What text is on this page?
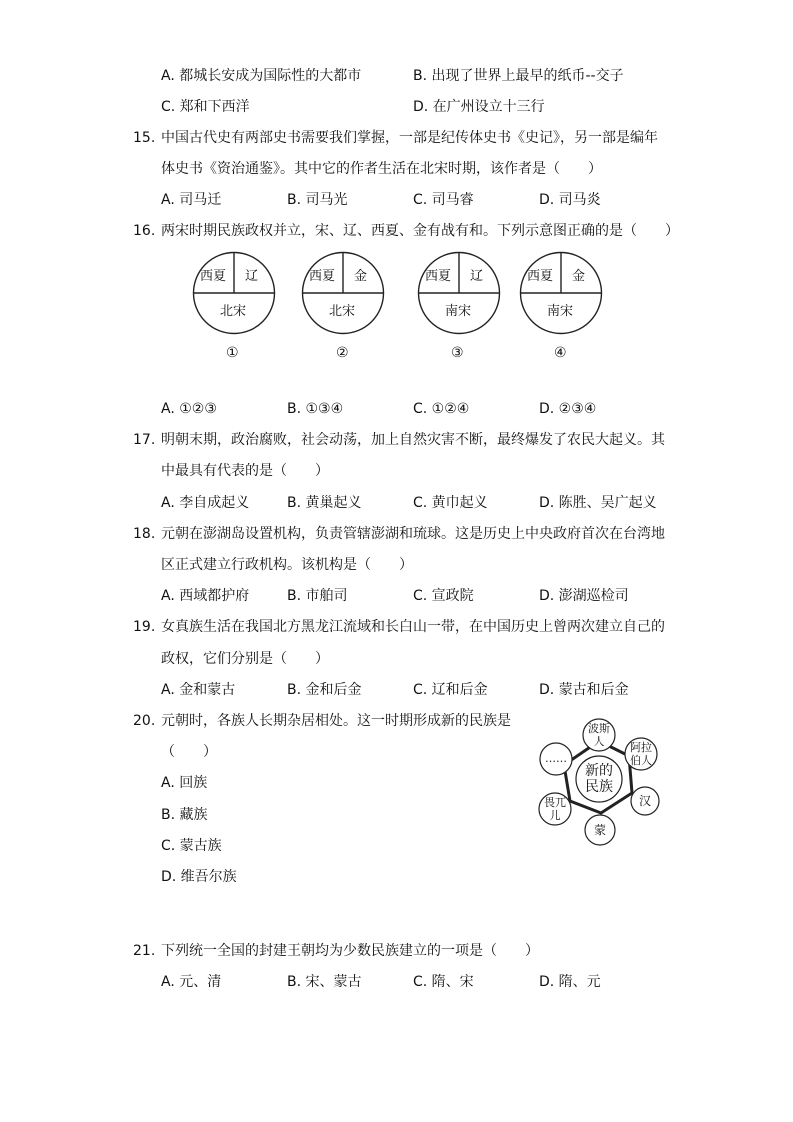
A. 都城长安成为国际性的大都市	B. 出现了世界上最早的纸币--交子
C. 郑和下西洋	D. 在广州设立十三行
15. 中国古代史有两部史书需要我们掌握，一部是纪传体史书《史记》，另一部是编年
体史书《资治通鉴》。其中它的作者生活在北宋时期，该作者是（　　）
A. 司马迁	B. 司马光	C. 司马睿	D. 司马炎
16. 两宋时期民族政权并立，宋、辽、西夏、金有战有和。下列示意图正确的是（　　）
西夏 辽
北宋
①
西夏 金
北宋
②
西夏 辽
南宋
③
西夏 金
南宋
④
A. ①②③	B. ①③④	C. ①②④	D. ②③④
17. 明朝末期，政治腐败，社会动荡，加上自然灾害不断，最终爆发了农民大起义。其
中最具有代表的是（　　）
A. 李自成起义	B. 黄巢起义	C. 黄巾起义	D. 陈胜、吴广起义
18. 元朝在澎湖岛设置机构，负责管辖澎湖和琉球。这是历史上中央政府首次在台湾地
区正式建立行政机构。该机构是（　　）
A. 西域都护府	B. 市舶司	C. 宣政院	D. 澎湖巡检司
19. 女真族生活在我国北方黑龙江流域和长白山一带，在中国历史上曾两次建立自己的
政权，它们分别是（　　）
A. 金和蒙古	B. 金和后金	C. 辽和后金	D. 蒙古和后金
20. 元朝时，各族人长期杂居相处。这一时期形成新的民族是
（　　）
A. 回族
B. 藏族
C. 蒙古族
D. 维吾尔族
新的
民族
波斯
人	阿拉
伯人
汉
蒙
畏兀
儿
……
21. 下列统一全国的封建王朝均为少数民族建立的一项是（　　）
A. 元、清	B. 宋、蒙古	C. 隋、宋	D. 隋、元
